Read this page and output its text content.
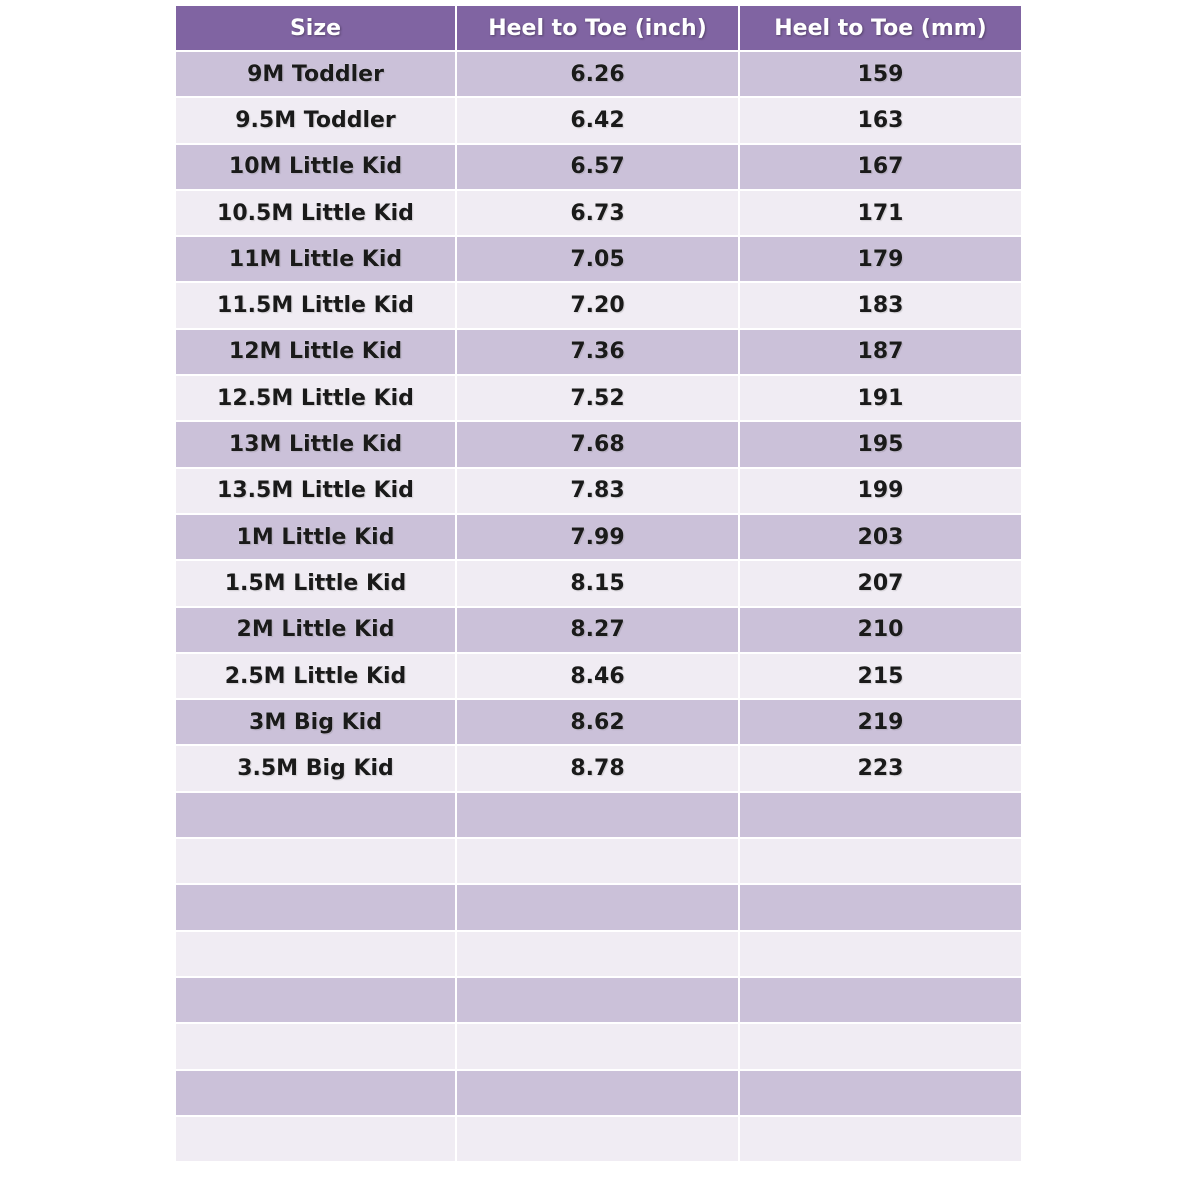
Size	Heel to Toe (inch)	Heel to Toe (mm)
9M Toddler	6.26	159
9.5M Toddler	6.42	163
10M Little Kid	6.57	167
10.5M Little Kid	6.73	171
11M Little Kid	7.05	179
11.5M Little Kid	7.20	183
12M Little Kid	7.36	187
12.5M Little Kid	7.52	191
13M Little Kid	7.68	195
13.5M Little Kid	7.83	199
1M Little Kid	7.99	203
1.5M Little Kid	8.15	207
2M Little Kid	8.27	210
2.5M Little Kid	8.46	215
3M Big Kid	8.62	219
3.5M Big Kid	8.78	223
